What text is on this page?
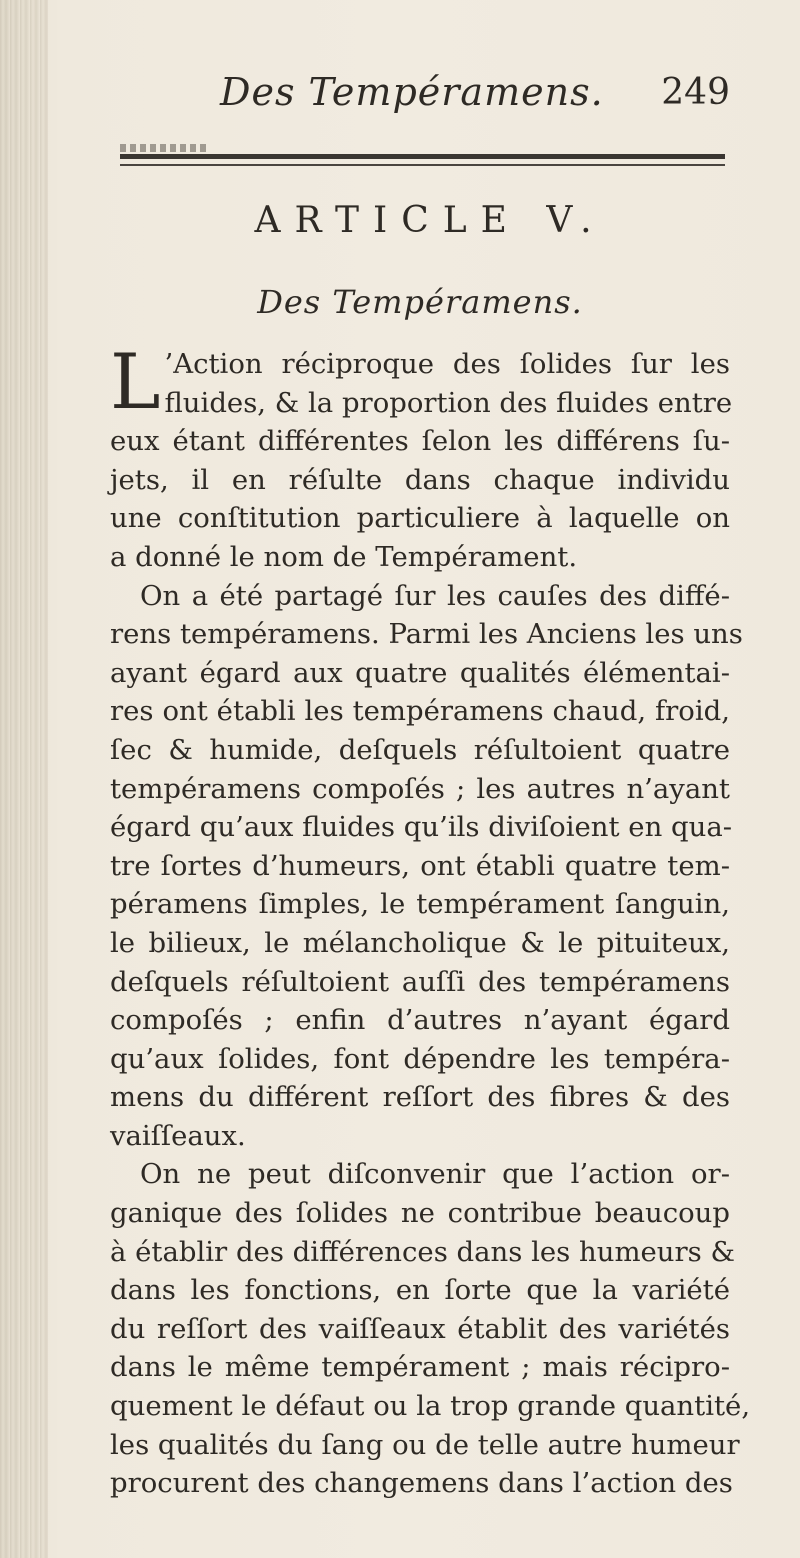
Des Tempéramens. 249
ARTICLE V.
Des Tempéramens.

L ’Action réciproque des ſolides ſur les
fluides, & la proportion des fluides entre
eux étant différentes ſelon les différens ſu-
jets, il en réſulte dans chaque individu
une conſtitution particuliere à laquelle on
a donné le nom de Tempérament.

On a été partagé ſur les cauſes des diffé-
rens tempéramens. Parmi les Anciens les uns
ayant égard aux quatre qualités élémentai-
res ont établi les tempéramens chaud, froid,
ſec & humide, deſquels réſultoient quatre
tempéramens compoſés ; les autres n’ayant
égard qu’aux fluides qu’ils diviſoient en qua-
tre ſortes d’humeurs, ont établi quatre tem-
péramens ſimples, le tempérament ſanguin,
le bilieux, le mélancholique & le pituiteux,
deſquels réſultoient auſſi des tempéramens
compoſés ; enfin d’autres n’ayant égard
qu’aux ſolides, font dépendre les tempéra-
mens du différent reſſort des fibres & des
vaiſſeaux.

On ne peut diſconvenir que l’action or-
ganique des ſolides ne contribue beaucoup
à établir des différences dans les humeurs &
dans les fonctions, en ſorte que la variété
du reſſort des vaiſſeaux établit des variétés
dans le même tempérament ; mais récipro-
quement le défaut ou la trop grande quantité,
les qualités du ſang ou de telle autre humeur
procurent des changemens dans l’action des
